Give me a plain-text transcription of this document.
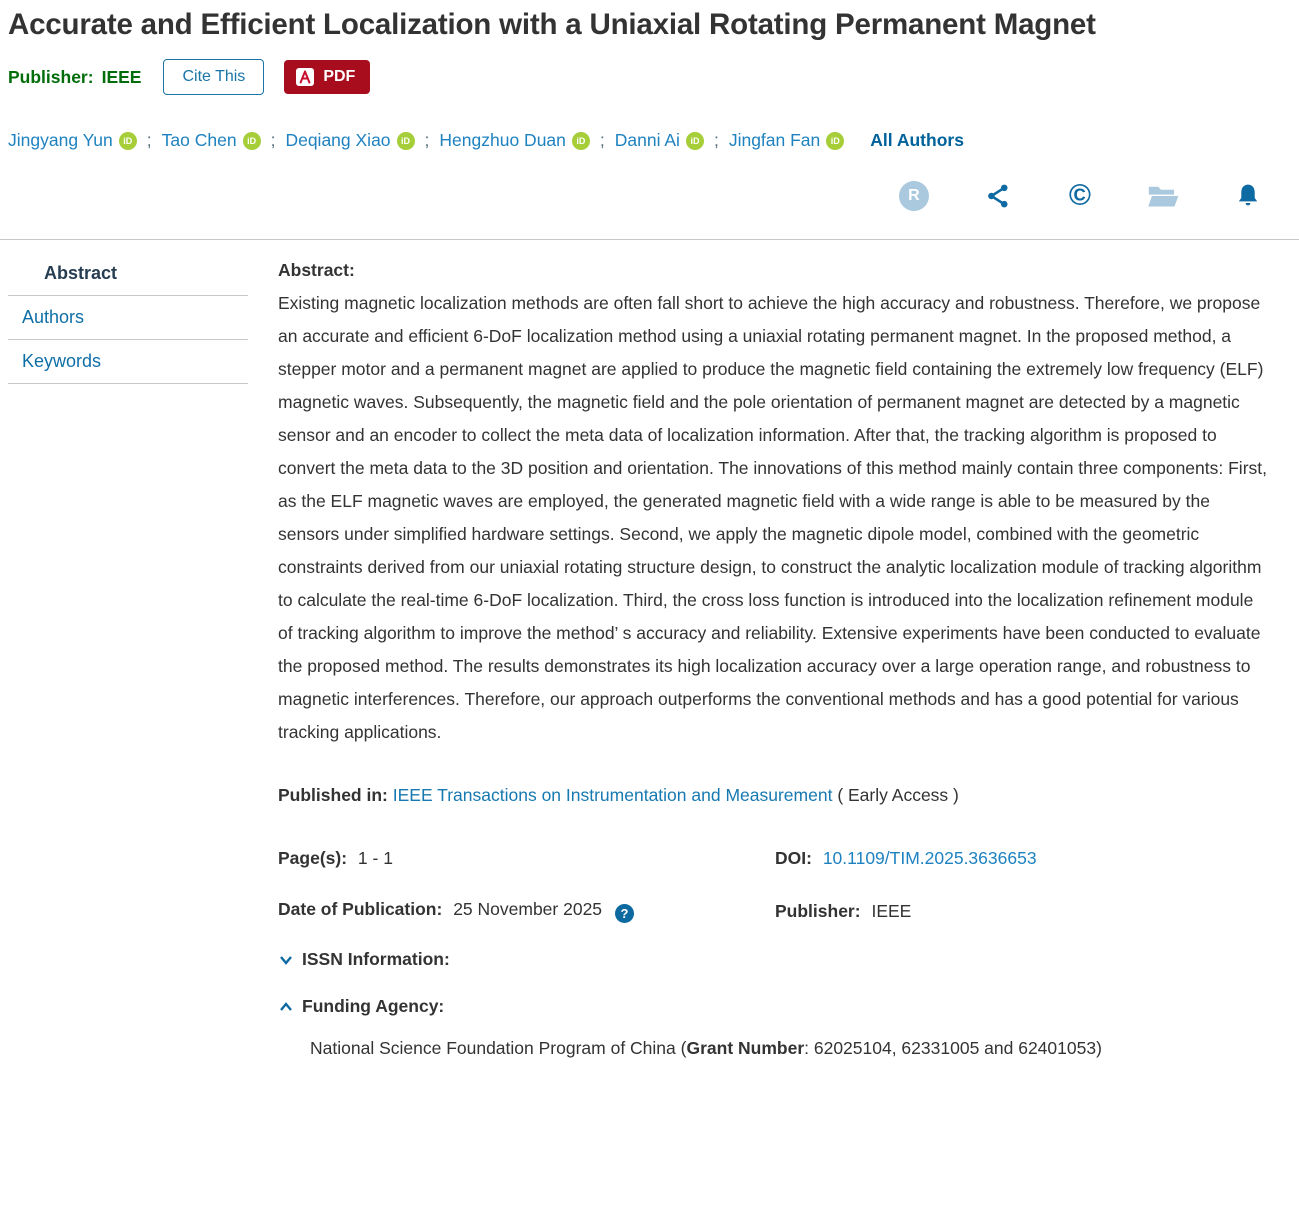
Accurate and Efficient Localization with a Uniaxial Rotating Permanent Magnet
Publisher: IEEE	Cite This	PDF
Jingyang Yun	iD ; Tao Chen	iD ; Deqiang Xiao	iD ; Hengzhuo Duan	iD ; Danni Ai	iD ; Jingfan Fan	iD All Authors
R	©
Abstract
Authors
Keywords
Abstract:
Existing magnetic localization methods are often fall short to achieve the high accuracy and robustness. Therefore, we propose an accurate and efficient 6-DoF localization method using a uniaxial rotating permanent magnet. In the proposed method, a stepper motor and a permanent magnet are applied to produce the magnetic field containing the extremely low frequency (ELF) magnetic waves. Subsequently, the magnetic field and the pole orientation of permanent magnet are detected by a magnetic sensor and an encoder to collect the meta data of localization information. After that, the tracking algorithm is proposed to convert the meta data to the 3D position and orientation. The innovations of this method mainly contain three components: First, as the ELF magnetic waves are employed, the generated magnetic field with a wide range is able to be measured by the sensors under simplified hardware settings. Second, we apply the magnetic dipole model, combined with the geometric constraints derived from our uniaxial rotating structure design, to construct the analytic localization module of tracking algorithm to calculate the real-time 6-DoF localization. Third, the cross loss function is introduced into the localization refinement module of tracking algorithm to improve the method’ s accuracy and reliability. Extensive experiments have been conducted to evaluate the proposed method. The results demonstrates its high localization accuracy over a large operation range, and robustness to magnetic interferences. Therefore, our approach outperforms the conventional methods and has a good potential for various tracking applications.
Published in: IEEE Transactions on Instrumentation and Measurement ( Early Access )
Page(s): 1 - 1	DOI: 10.1109/TIM.2025.3636653
Date of Publication: 25 November 2025 ?	Publisher: IEEE
ISSN Information:
Funding Agency:
National Science Foundation Program of China (Grant Number: 62025104, 62331005 and 62401053)
